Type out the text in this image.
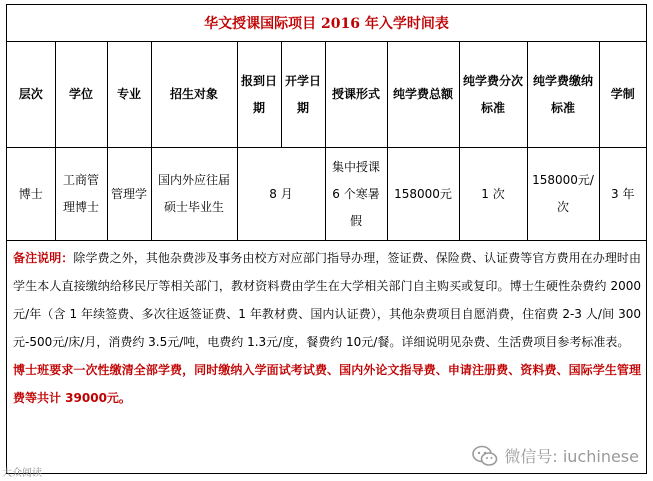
华文授课国际项目 2016 年入学时间表
层次	学位	专业	招生对象	报到日期	开学日期	授课形式	纯学费总额	纯学费分次标准	纯学费缴纳标准	学制
博士	工商管理博士	管理学	国内外应往届硕士毕业生	8 月		集中授课 6 个寒暑假	158000元	1 次	158000元/次	3 年
备注说明：除学费之外，其他杂费涉及事务由校方对应部门指导办理，签证费、保险费、认证费等官方费用在办理时由学生本人直接缴纳给移民厅等相关部门，教材资料费由学生在大学相关部门自主购买或复印。博士生硬性杂费约 2000元/年（含 1 年续签费、多次往返签证费、1 年教材费、国内认证费），其他杂费项目自愿消费，住宿费 2-3 人/间 300元-500元/床/月，消费约 3.5元/吨，电费约 1.3元/度，餐费约 10元/餐。详细说明见杂费、生活费项目参考标准表。
博士班要求一次性缴清全部学费，同时缴纳入学面试考试费、国内外论文指导费、申请注册费、资料费、国际学生管理费等共计 39000元。
微信号: iuchinese
大众阅读
